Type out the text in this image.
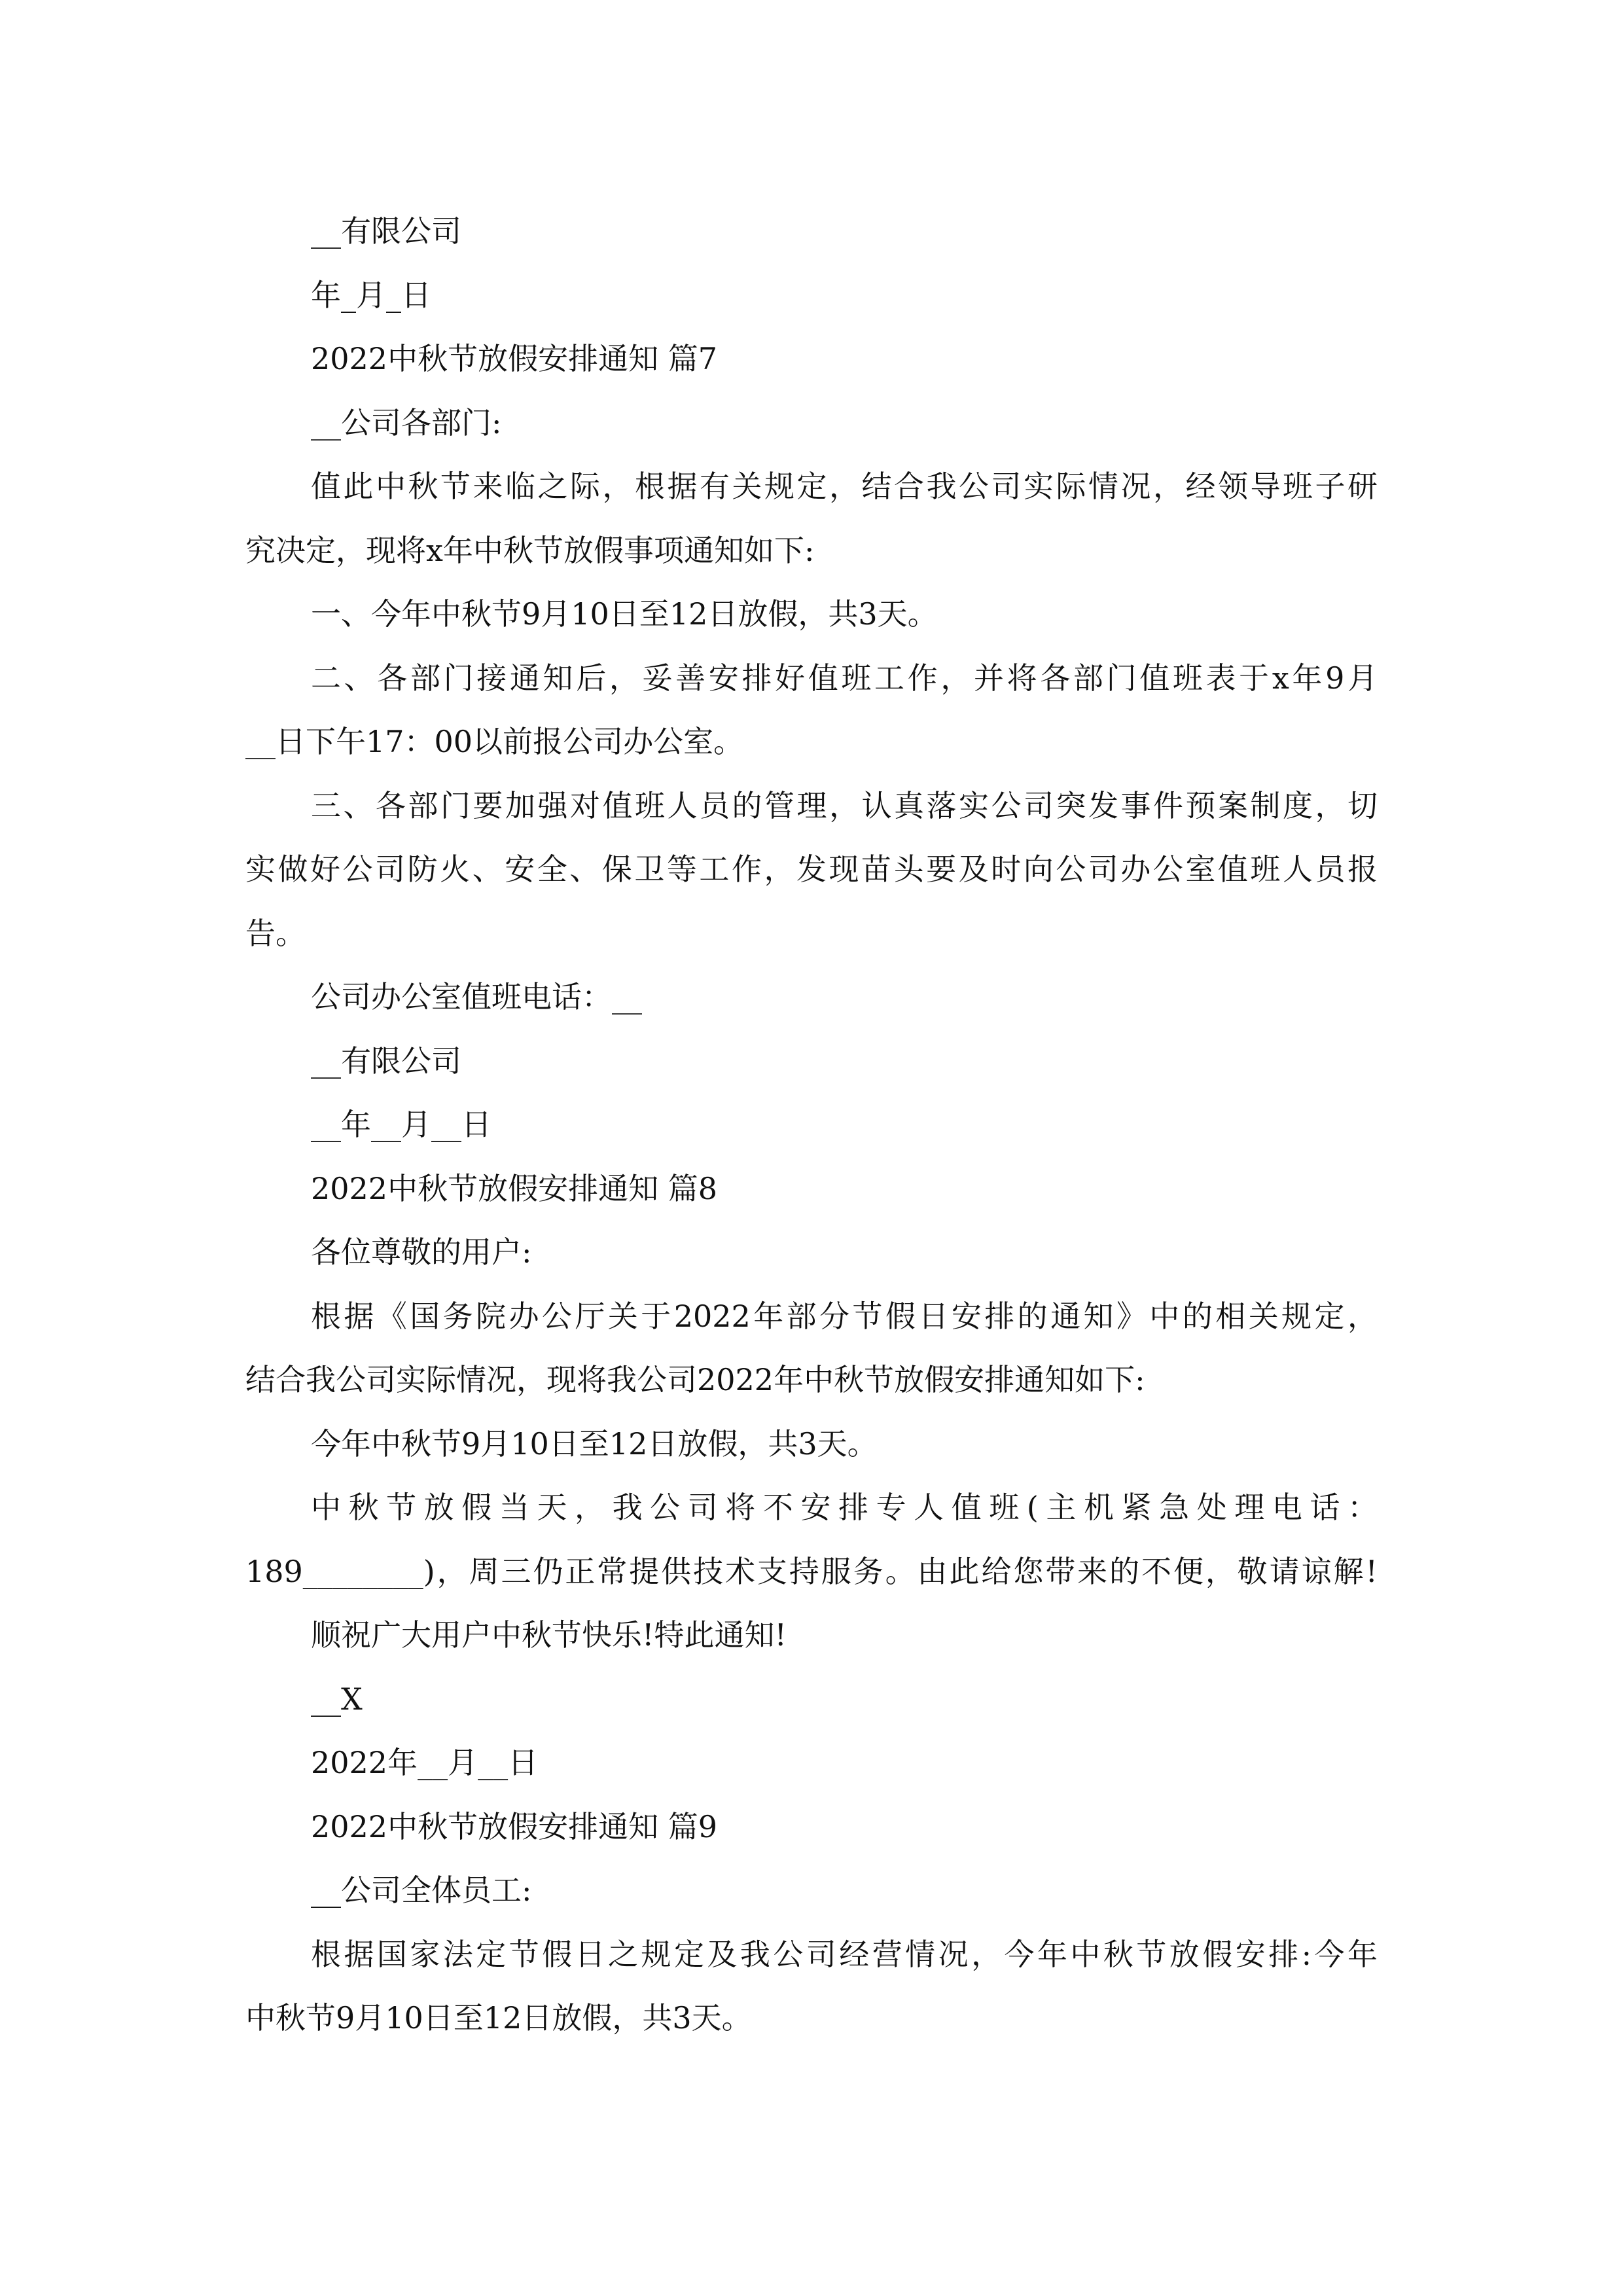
__有限公司

年_月_日

2022中秋节放假安排通知 篇7

__公司各部门:

值此中秋节来临之际，根据有关规定，结合我公司实际情况，经领导班子研

究决定，现将x年中秋节放假事项通知如下:

一、今年中秋节9月10日至12日放假，共3天。

二、各部门接通知后，妥善安排好值班工作，并将各部门值班表于x年9月

__日下午17：00以前报公司办公室。

三、各部门要加强对值班人员的管理，认真落实公司突发事件预案制度，切

实做好公司防火、安全、保卫等工作，发现苗头要及时向公司办公室值班人员报

告。

公司办公室值班电话：__

__有限公司

__年__月__日

2022中秋节放假安排通知 篇8

各位尊敬的用户:

根据《国务院办公厅关于2022年部分节假日安排的通知》中的相关规定，

结合我公司实际情况，现将我公司2022年中秋节放假安排通知如下:

今年中秋节9月10日至12日放假，共3天。

中秋节放假当天，我公司将不安排专人值班(主机紧急处理电话：

189________)，周三仍正常提供技术支持服务。由此给您带来的不便，敬请谅解!

顺祝广大用户中秋节快乐!特此通知!

__X

2022年__月__日

2022中秋节放假安排通知 篇9

__公司全体员工:

根据国家法定节假日之规定及我公司经营情况，今年中秋节放假安排:今年

中秋节9月10日至12日放假，共3天。
